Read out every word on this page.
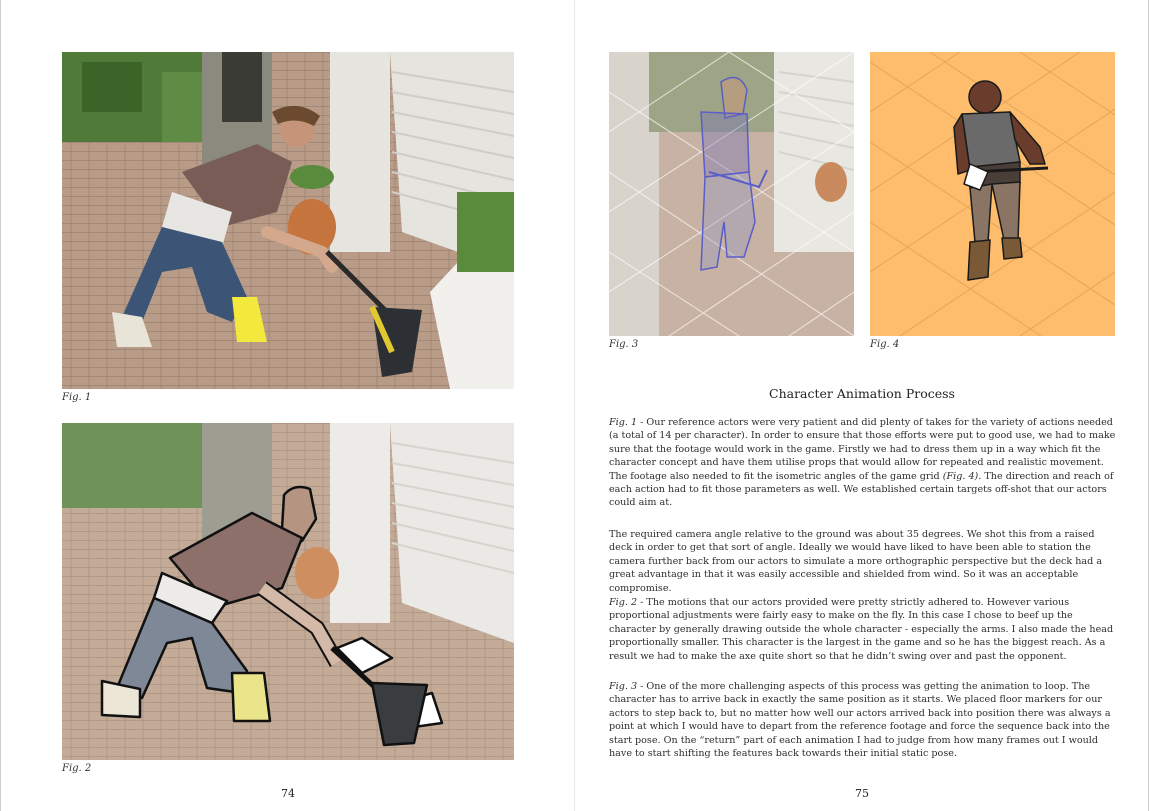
Fig. 1
Fig. 2
74
Fig. 3	Fig. 4
Character Animation Process

Fig. 1 - Our reference actors were very patient and did plenty of takes for the variety of actions needed (a total of 14 per character). In order to ensure that those efforts were put to good use, we had to make sure that the footage would work in the game. Firstly we had to dress them up in a way which fit the character concept and have them utilise props that would allow for repeated and realistic movement. The footage also needed to fit the isometric angles of the game grid (Fig. 4). The direction and reach of each action had to fit those parameters as well. We established certain targets off-shot that our actors could aim at.

The required camera angle relative to the ground was about 35 degrees. We shot this from a raised deck in order to get that sort of angle. Ideally we would have liked to have been able to station the camera further back from our actors to simulate a more orthographic perspective but the deck had a great advantage in that it was easily accessible and shielded from wind. So it was an acceptable compromise.

Fig. 2 - The motions that our actors provided were pretty strictly adhered to. However various proportional adjustments were fairly easy to make on the fly. In this case I chose to beef up the character by generally drawing outside the whole character - especially the arms. I also made the head proportionally smaller. This character is the largest in the game and so he has the biggest reach. As a result we had to make the axe quite short so that he didn’t swing over and past the opponent.

Fig. 3 - One of the more challenging aspects of this process was getting the animation to loop. The character has to arrive back in exactly the same position as it starts. We placed floor markers for our actors to step back to, but no matter how well our actors arrived back into position there was always a point at which I would have to depart from the reference footage and force the sequence back into the start pose. On the “return” part of each animation I had to judge from how many frames out I would have to start shifting the features back towards their initial static pose.

75
